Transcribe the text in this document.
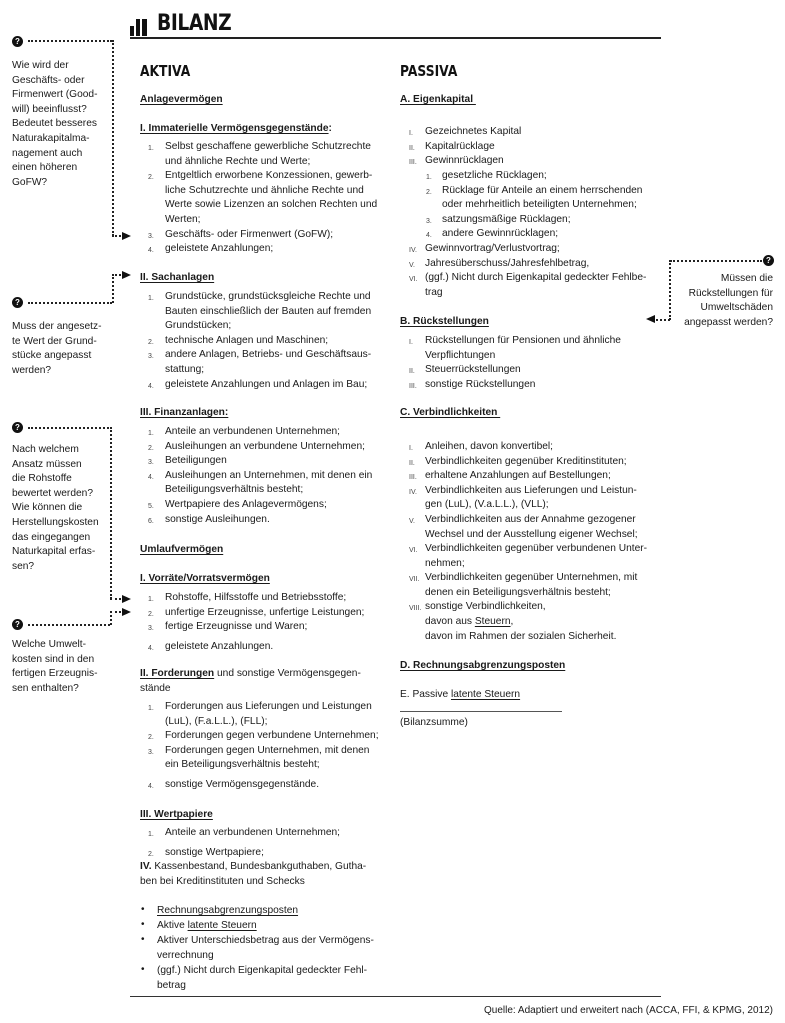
BILANZ
AKTIVA
Anlagevermögen
I. Immaterielle Vermögensgegenstände:
II. Sachanlagen
III. Finanzanlagen:
Umlaufvermögen
I. Vorräte/Vorratsvermögen
II. Forderungen und sonstige Vermögensgegen-
stände
III. Wertpapiere
IV. Kassenbestand, Bundesbankguthaben, Gutha-
ben bei Kreditinstituten und Schecks
• Rechnungsabgrenzungsposten
• Aktive latente Steuern
• Aktiver Unterschiedsbetrag aus der Vermögens-
verrechnung
• (ggf.) Nicht durch Eigenkapital gedeckter Fehl-
betrag
PASSIVA
A. Eigenkapital
B. Rückstellungen
C. Verbindlichkeiten
VIII. sonstige Verbindlichkeiten,
davon aus Steuern,
davon im Rahmen der sozialen Sicherheit.
D. Rechnungsabgrenzungsposten
E. Passive latente Steuern
(Bilanzsumme)
?
?
?
?
?
Quelle: Adaptiert und erweitert nach (ACCA, FFI, & KPMG, 2012)
1. Selbst geschaffene gewerbliche Schutzrechte
und ähnliche Rechte und Werte;
2. Entgeltlich erworbene Konzessionen, gewerb-
liche Schutzrechte und ähnliche Rechte und
Werte sowie Lizenzen an solchen Rechten und
Werten;
3. Geschäfts- oder Firmenwert (GoFW);
4. geleistete Anzahlungen;
1. Grundstücke, grundstücksgleiche Rechte und
Bauten einschließlich der Bauten auf fremden
Grundstücken;
2. technische Anlagen und Maschinen;
3. andere Anlagen, Betriebs- und Geschäftsaus-
stattung;
4. geleistete Anzahlungen und Anlagen im Bau;
1. Anteile an verbundenen Unternehmen;
2. Ausleihungen an verbundene Unternehmen;
3. Beteiligungen
4. Ausleihungen an Unternehmen, mit denen ein
Beteiligungsverhältnis besteht;
5. Wertpapiere des Anlagevermögens;
6. sonstige Ausleihungen.
1. Rohstoffe, Hilfsstoffe und Betriebsstoffe;
2. unfertige Erzeugnisse, unfertige Leistungen;
3. fertige Erzeugnisse und Waren;
4. geleistete Anzahlungen.
1. Forderungen aus Lieferungen und Leistungen
(LuL), (F.a.L.L.), (FLL);
2. Forderungen gegen verbundene Unternehmen;
3. Forderungen gegen Unternehmen, mit denen
ein Beteiligungsverhältnis besteht;
4. sonstige Vermögensgegenstände.
1. Anteile an verbundenen Unternehmen;
2. sonstige Wertpapiere;
I. Gezeichnetes Kapital
II. Kapitalrücklage
III. Gewinnrücklagen
1. gesetzliche Rücklagen;
2. Rücklage für Anteile an einem herrschenden
oder mehrheitlich beteiligten Unternehmen;
3. satzungsmäßige Rücklagen;
4. andere Gewinnrücklagen;
IV. Gewinnvortrag/Verlustvortrag;
V. Jahresüberschuss/Jahresfehlbetrag,
VI. (ggf.) Nicht durch Eigenkapital gedeckter Fehlbe-
trag
I. Rückstellungen für Pensionen und ähnliche
Verpflichtungen
II. Steuerrückstellungen
III. sonstige Rückstellungen
I. Anleihen, davon konvertibel;
II. Verbindlichkeiten gegenüber Kreditinstituten;
III. erhaltene Anzahlungen auf Bestellungen;
IV. Verbindlichkeiten aus Lieferungen und Leistun-
gen (LuL), (V.a.L.L.), (VLL);
V. Verbindlichkeiten aus der Annahme gezogener
Wechsel und der Ausstellung eigener Wechsel;
VI. Verbindlichkeiten gegenüber verbundenen Unter-
nehmen;
VII. Verbindlichkeiten gegenüber Unternehmen, mit
denen ein Beteiligungsverhältnis besteht;
Wie wird der
Geschäfts- oder
Firmenwert (Good-
will) beeinflusst?
Bedeutet besseres
Naturakapitalma-
nagement auch
einen höheren
GoFW?
Muss der angesetz-
te Wert der Grund-
stücke angepasst
werden?
Nach welchem
Ansatz müssen
die Rohstoffe
bewertet werden?
Wie können die
Herstellungskosten
das eingegangen
Naturkapital erfas-
sen?
Welche Umwelt-
kosten sind in den
fertigen Erzeugnis-
sen enthalten?
Müssen die
Rückstellungen für
Umweltschäden
angepasst werden?
